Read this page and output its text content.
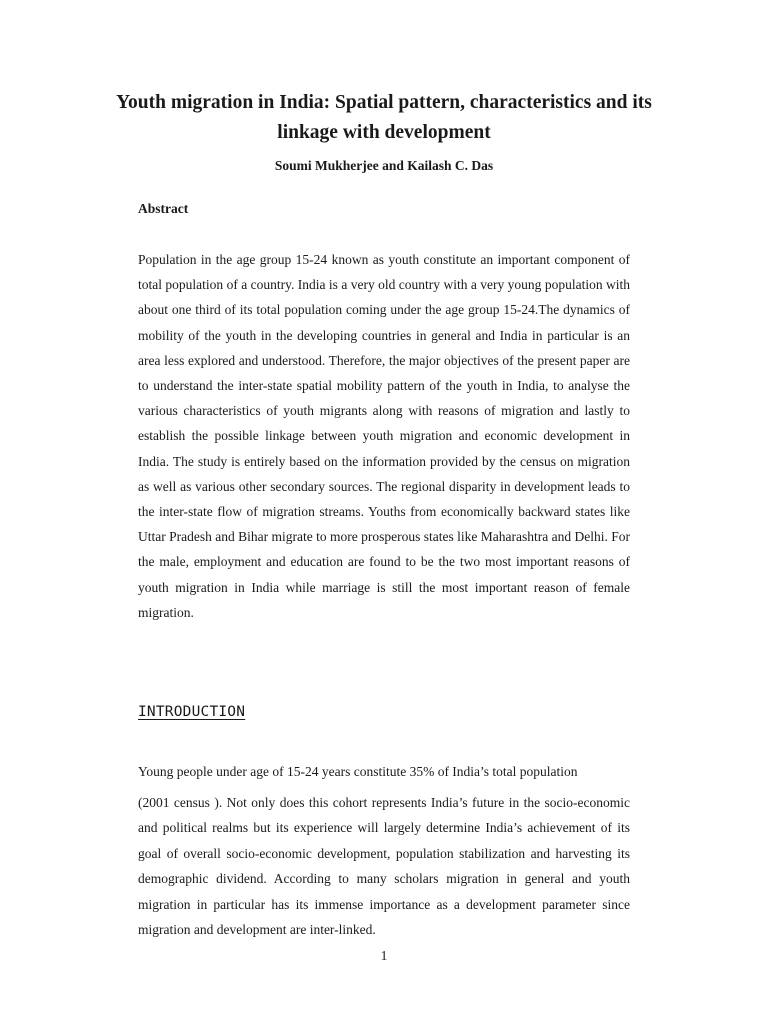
Youth migration in India: Spatial pattern, characteristics and its linkage with development

Soumi Mukherjee and Kailash C. Das

Abstract

Population in the age group 15-24 known as youth constitute an important component of total population of a country. India is a very old country with a very young population with about one third of its total population coming under the age group 15-24.The dynamics of mobility of the youth in the developing countries in general and India in particular is an area less explored and understood. Therefore, the major objectives of the present paper are to understand the inter-state spatial mobility pattern of the youth in India, to analyse the various characteristics of youth migrants along with reasons of migration and lastly to establish the possible linkage between youth migration and economic development in India. The study is entirely based on the information provided by the census on migration as well as various other secondary sources. The regional disparity in development leads to the inter-state flow of migration streams. Youths from economically backward states like Uttar Pradesh and Bihar migrate to more prosperous states like Maharashtra and Delhi. For the male, employment and education are found to be the two most important reasons of youth migration in India while marriage is still the most important reason of female migration.

INTRODUCTION

Young people under age of 15-24 years constitute 35% of India’s total population

(2001 census ). Not only does this cohort represents India’s future in the socio-economic and political realms but its experience will largely determine India’s achievement of its goal of overall socio-economic development, population stabilization and harvesting its demographic dividend. According to many scholars migration in general and youth migration in particular has its immense importance as a development parameter since migration and development are inter-linked.

1
